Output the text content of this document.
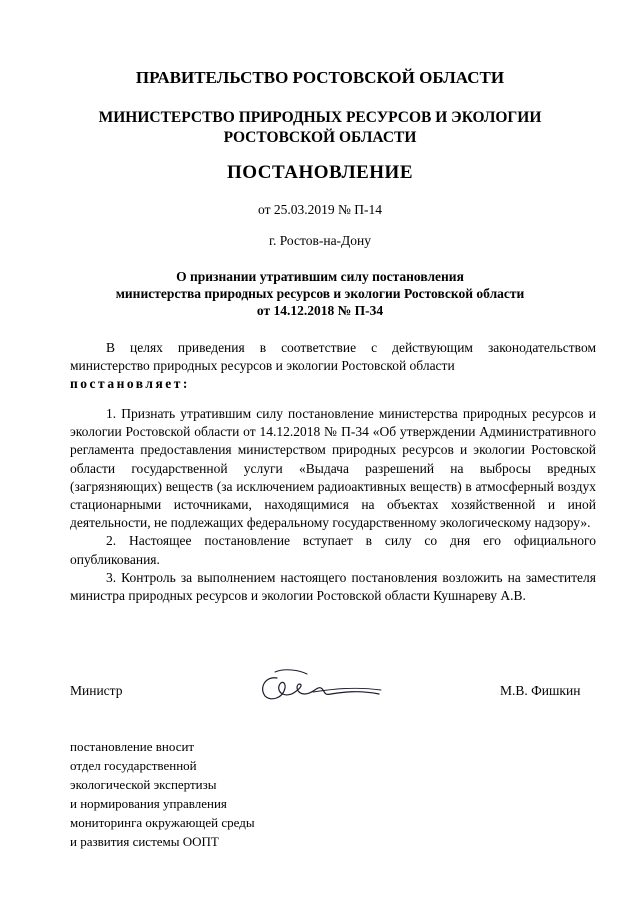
ПРАВИТЕЛЬСТВО РОСТОВСКОЙ ОБЛАСТИ
МИНИСТЕРСТВО ПРИРОДНЫХ РЕСУРСОВ И ЭКОЛОГИИ
РОСТОВСКОЙ ОБЛАСТИ
ПОСТАНОВЛЕНИЕ
от 25.03.2019 № П-14
г. Ростов-на-Дону
О признании утратившим силу постановления
министерства природных ресурсов и экологии Ростовской области
от 14.12.2018 № П-34

В целях приведения в соответствие с действующим законодательством министерство природных ресурсов и экологии Ростовской области
постановляет:

1. Признать утратившим силу постановление министерства природных ресурсов и экологии Ростовской области от 14.12.2018 № П-34 «Об утверждении Административного регламента предоставления министерством природных ресурсов и экологии Ростовской области государственной услуги «Выдача разрешений на выбросы вредных (загрязняющих) веществ (за исключением радиоактивных веществ) в атмосферный воздух стационарными источниками, находящимися на объектах хозяйственной и иной деятельности, не подлежащих федеральному государственному экологическому надзору».

2. Настоящее постановление вступает в силу со дня его официального опубликования.

3. Контроль за выполнением настоящего постановления возложить на заместителя министра природных ресурсов и экологии Ростовской области Кушнареву А.В.

Министр	М.В. Фишкин
постановление вносит
отдел государственной
экологической экспертизы
и нормирования управления
мониторинга окружающей среды
и развития системы ООПТ
